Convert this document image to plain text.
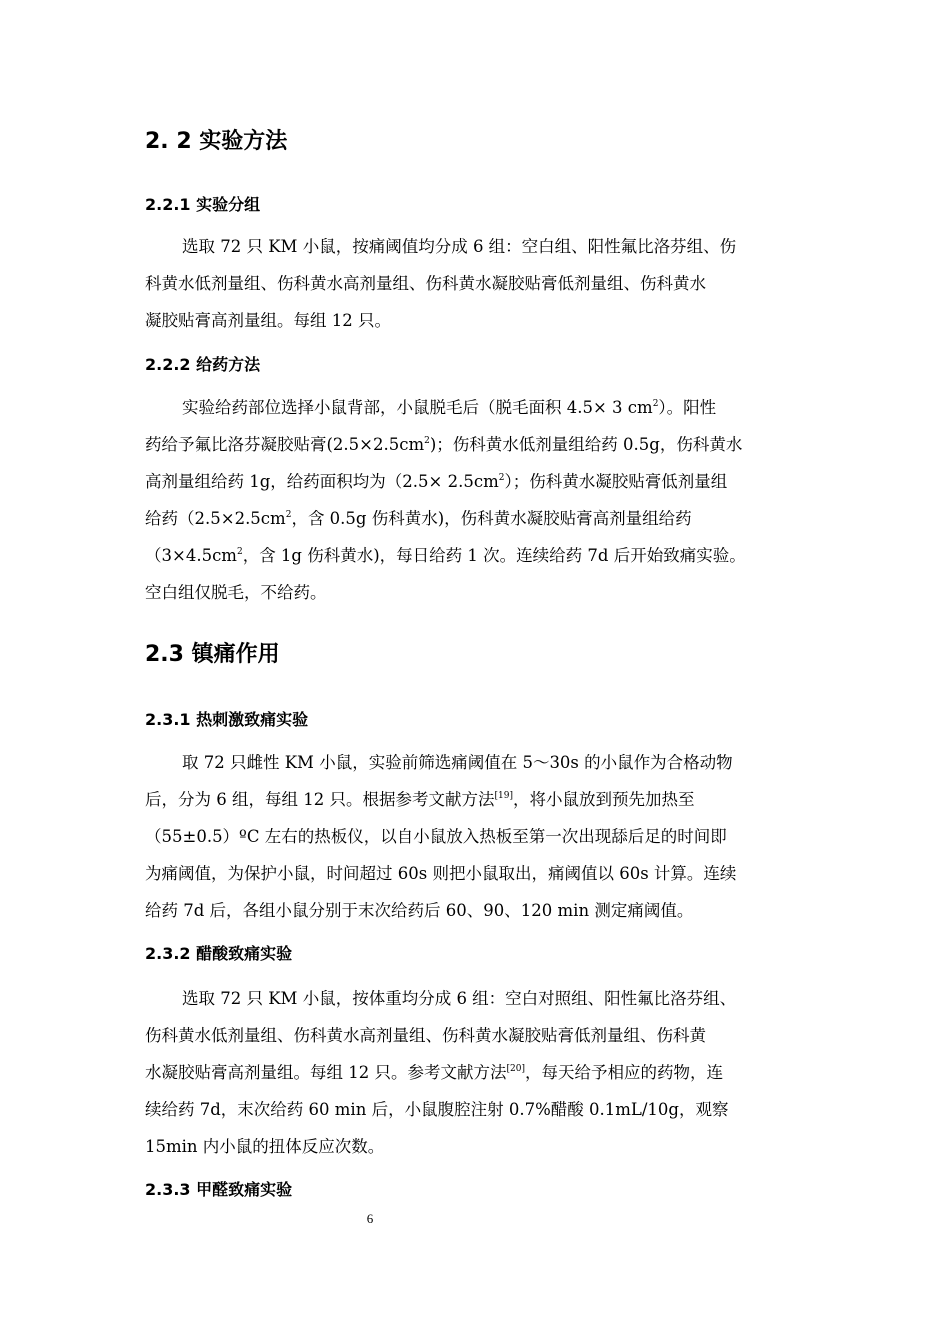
2. 2 实验方法
2.2.1 实验分组
选取 72 只 KM 小鼠，按痛阈值均分成 6 组：空白组、阳性氟比洛芬组、伤
科黄水低剂量组、伤科黄水高剂量组、伤科黄水凝胶贴膏低剂量组、伤科黄水
凝胶贴膏高剂量组。每组 12 只。
2.2.2 给药方法
实验给药部位选择小鼠背部，小鼠脱毛后（脱毛面积 4.5× 3 $cm^2$）。阳性
药给予氟比洛芬凝胶贴膏$(2.5\times 2.5cm^2)$；伤科黄水低剂量组给药 0.5g，伤科黄水
高剂量组给药 1g，给药面积均为$(2.5\times 2.5cm^2)$；伤科黄水凝胶贴膏低剂量组
给药（$2.5\times 2.5cm^2$，含 0.5g 伤科黄水)，伤科黄水凝胶贴膏高剂量组给药
（$3\times 4.5cm^2$，含 1g 伤科黄水)，每日给药 1 次。连续给药 7d 后开始致痛实验。
空白组仅脱毛，不给药。
2.3 镇痛作用
2.3.1 热刺激致痛实验
取 72 只雌性 KM 小鼠，实验前筛选痛阈值在 5～30s 的小鼠作为合格动物
后，分为 6 组，每组 12 只。根据参考文献方法[19]，将小鼠放到预先加热至
（55±0.5）ºC 左右的热板仪，以自小鼠放入热板至第一次出现舔后足的时间即
为痛阈值，为保护小鼠，时间超过 60s 则把小鼠取出，痛阈值以 60s 计算。连续
给药 7d 后，各组小鼠分别于末次给药后 60、90、120 min 测定痛阈值。
2.3.2 醋酸致痛实验
选取 72 只 KM 小鼠，按体重均分成 6 组：空白对照组、阳性氟比洛芬组、
伤科黄水低剂量组、伤科黄水高剂量组、伤科黄水凝胶贴膏低剂量组、伤科黄
水凝胶贴膏高剂量组。每组 12 只。参考文献方法[20]，每天给予相应的药物，连
续给药 7d，末次给药 60 min 后，小鼠腹腔注射 0.7%醋酸 0.1mL/10g，观察
15min 内小鼠的扭体反应次数。
2.3.3 甲醛致痛实验
6
